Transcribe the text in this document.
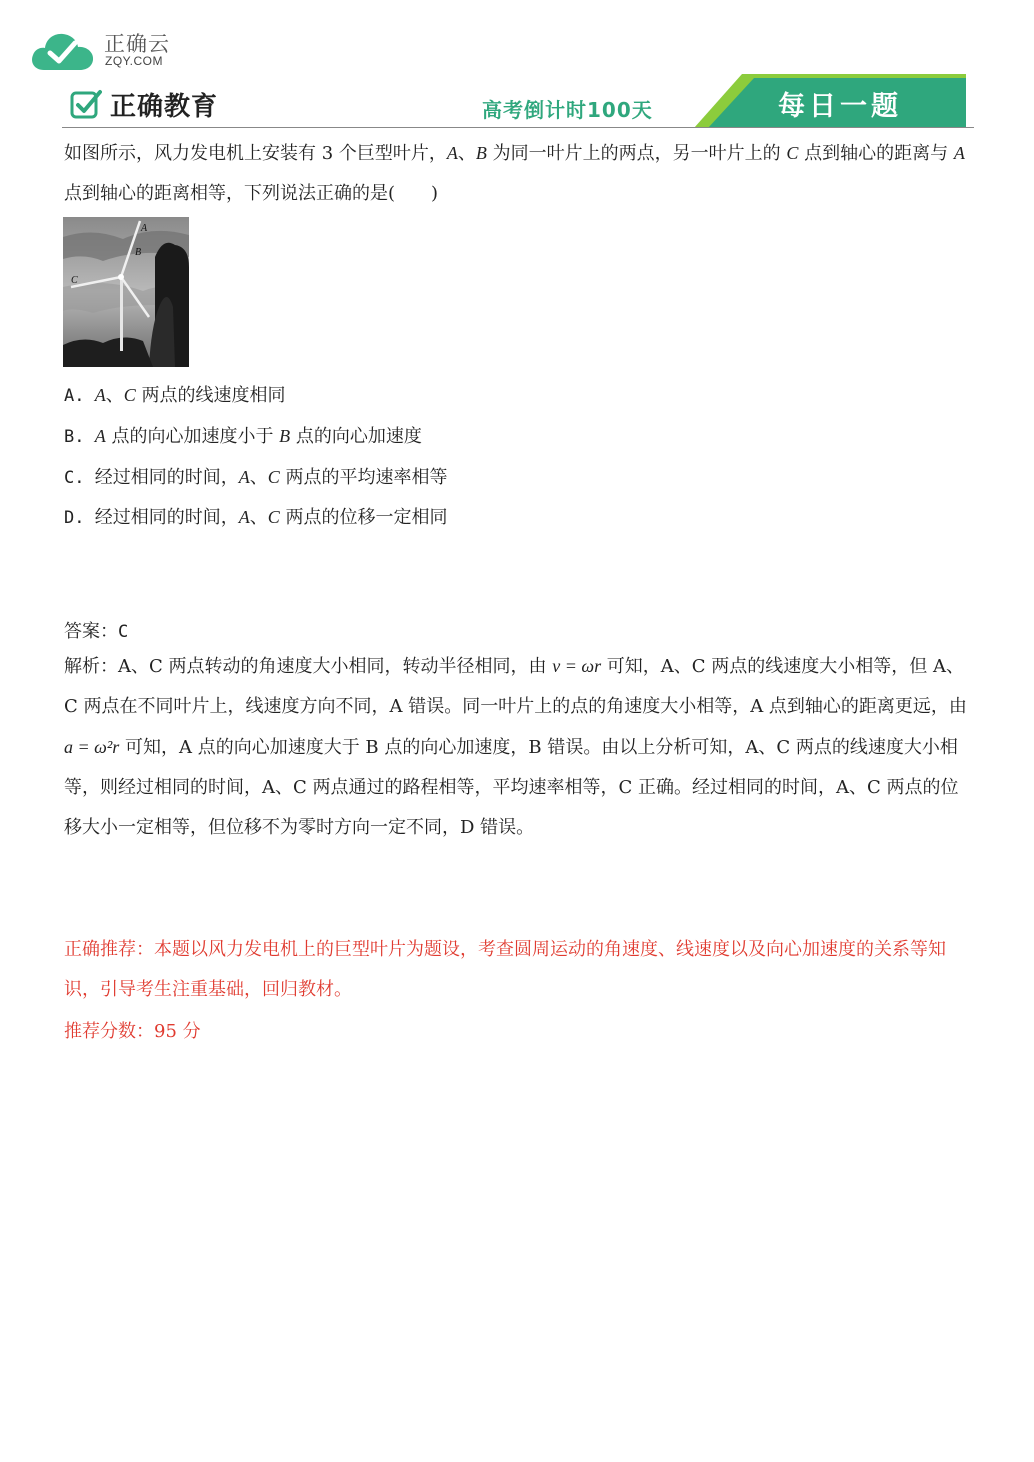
正确云
ZQY.COM
正确教育	高考倒计时100天	每日一题
如图所示，风力发电机上安装有 3 个巨型叶片，A、B 为同一叶片上的两点，另一叶片上的 C 点到轴心的距离与 A 点到轴心的距离相等，下列说法正确的是(　　)
A
B
C
A. A、C 两点的线速度相同
B. A 点的向心加速度小于 B 点的向心加速度
C. 经过相同的时间，A、C 两点的平均速率相等
D. 经过相同的时间，A、C 两点的位移一定相同
答案：C
解析：A、C 两点转动的角速度大小相同，转动半径相同，由 v = ωr 可知，A、C 两点的线速度大小相等，但 A、C 两点在不同叶片上，线速度方向不同，A 错误。同一叶片上的点的角速度大小相等，A 点到轴心的距离更远，由 a = ω²r 可知，A 点的向心加速度大于 B 点的向心加速度，B 错误。由以上分析可知，A、C 两点的线速度大小相等，则经过相同的时间，A、C 两点通过的路程相等，平均速率相等，C 正确。经过相同的时间，A、C 两点的位移大小一定相等，但位移不为零时方向一定不同，D 错误。
正确推荐：本题以风力发电机上的巨型叶片为题设，考查圆周运动的角速度、线速度以及向心加速度的关系等知识，引导考生注重基础，回归教材。
推荐分数：95 分
